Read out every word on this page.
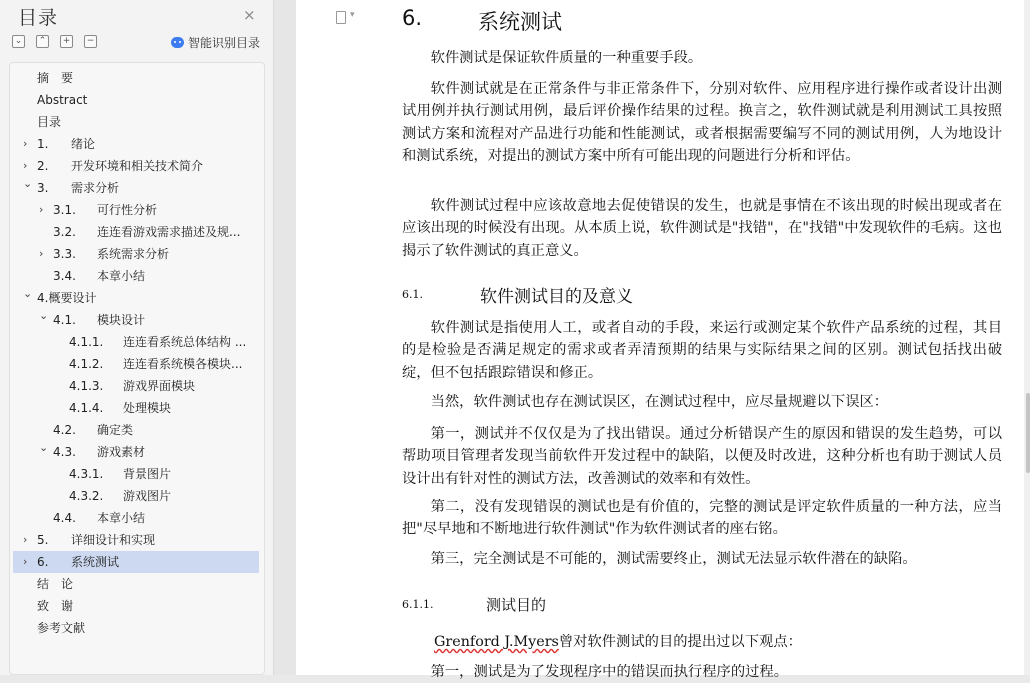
目录	×
⌄	⌃	+	−	智能识别目录
摘　要
Abstract
目录
› 1. 绪论
› 2. 开发环境和相关技术简介
⌄ 3. 需求分析
› 3.1. 可行性分析
3.2. 连连看游戏需求描述及规...
› 3.3. 系统需求分析
3.4. 本章小结
⌄ 4.概要设计
⌄ 4.1. 模块设计
4.1.1. 连连看系统总体结构 ...
4.1.2. 连连看系统模各模块...
4.1.3. 游戏界面模块
4.1.4. 处理模块
4.2. 确定类
⌄ 4.3. 游戏素材
4.3.1. 背景图片
4.3.2. 游戏图片
4.4. 本章小结
› 5. 详细设计和实现
› 6. 系统测试
结　论
致　谢
参考文献
▾
6.	系统测试

软件测试是保证软件质量的一种重要手段。

软件测试就是在正常条件与非正常条件下，分别对软件、应用程序进行操作或者设计出测试用例并执行测试用例，最后评价操作结果的过程。换言之，软件测试就是利用测试工具按照测试方案和流程对产品进行功能和性能测试，或者根据需要编写不同的测试用例，人为地设计和测试系统，对提出的测试方案中所有可能出现的问题进行分析和评估。

软件测试过程中应该故意地去促使错误的发生，也就是事情在不该出现的时候出现或者在应该出现的时候没有出现。从本质上说，软件测试是"找错"，在"找错"中发现软件的毛病。这也揭示了软件测试的真正意义。

6.1.	软件测试目的及意义

软件测试是指使用人工，或者自动的手段，来运行或测定某个软件产品系统的过程，其目的是检验是否满足规定的需求或者弄清预期的结果与实际结果之间的区别。测试包括找出破绽，但不包括跟踪错误和修正。

当然，软件测试也存在测试误区，在测试过程中，应尽量规避以下误区：

第一，测试并不仅仅是为了找出错误。通过分析错误产生的原因和错误的发生趋势，可以帮助项目管理者发现当前软件开发过程中的缺陷，以便及时改进，这种分析也有助于测试人员设计出有针对性的测试方法，改善测试的效率和有效性。

第二，没有发现错误的测试也是有价值的，完整的测试是评定软件质量的一种方法，应当把"尽早地和不断地进行软件测试"作为软件测试者的座右铭。

第三，完全测试是不可能的，测试需要终止，测试无法显示软件潜在的缺陷。

6.1.1.	测试目的

Grenford J.Myers曾对软件测试的目的提出过以下观点：

第一，测试是为了发现程序中的错误而执行程序的过程。
